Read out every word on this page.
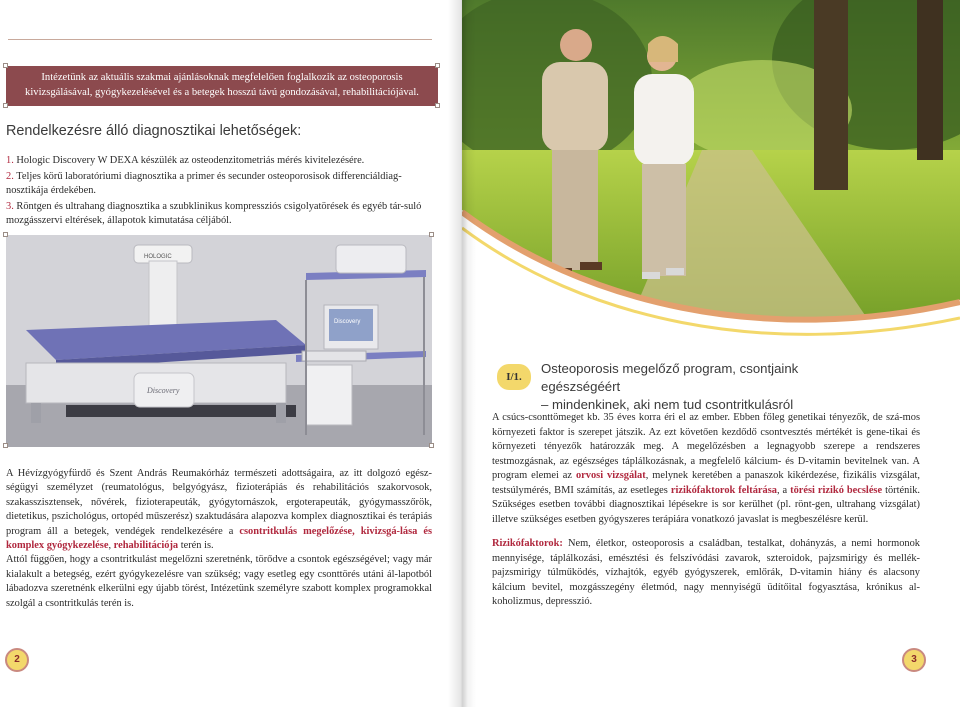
Intézetünk az aktuális szakmai ajánlásoknak megfelelően foglalkozik az osteoporosis
kivizsgálásával, gyógykezelésével és a betegek hosszú távú gondozásával, rehabilitációjával.
Rendelkezésre álló diagnosztikai lehetőségek:
1. Hologic Discovery W DEXA készülék az osteodenzitometriás mérés kivitelezésére.
2. Teljes körű laboratóriumi diagnosztika a primer és secunder osteoporosisok differenciáldiag-nosztikája érdekében.
3. Röntgen és ultrahang diagnosztika a szubklinikus kompressziós csigolyatörések és egyéb tár-suló mozgásszervi eltérések, állapotok kimutatása céljából.
HOLOGIC
Discovery
Discovery
A Hévízgyógyfürdő és Szent András Reumakórház természeti adottságaira, az itt dolgozó egész-ségügyi személyzet (reumatológus, belgyógyász, fizioterápiás és rehabilitációs szakorvosok, szakasszisztensek, nővérek, fizioterapeuták, gyógytornászok, ergoterapeuták, gyógymasszőrök, dietetikus, pszichológus, ortopéd műszerész) szaktudására alapozva komplex diagnosztikai és terápiás program áll a betegek, vendégek rendelkezésére a csontritkulás megelőzése, kivizsgá-lása és komplex gyógykezelése, rehabilitációja terén is.
Attól függően, hogy a csontritkulást megelőzni szeretnénk, törődve a csontok egészségével; vagy már kialakult a betegség, ezért gyógykezelésre van szükség; vagy esetleg egy csonttörés utáni ál-lapotból lábadozva szeretnénk elkerülni egy újabb törést, Intézetünk személyre szabott komplex programokkal szolgál a csontritkulás terén is.
2
I/1.
Osteoporosis megelőző program, csontjaink egészségéért
– mindenkinek, aki nem tud csontritkulásról

A csúcs-csonttömeget kb. 35 éves korra éri el az ember. Ebben főleg genetikai tényezők, de szá-mos környezeti faktor is szerepet játszik. Az ezt követően kezdődő csontvesztés mértékét is gene-tikai és környezeti tényezők határozzák meg. A megelőzésben a legnagyobb szerepe a rendszeres testmozgásnak, az egészséges táplálkozásnak, a megfelelő kálcium- és D-vitamin bevitelnek van. A program elemei az orvosi vizsgálat, melynek keretében a panaszok kikérdezése, fizikális vizsgálat, testsúlymérés, BMI számítás, az esetleges rizikófaktorok feltárása, a törési rizikó becslése történik. Szükséges esetben további diagnosztikai lépésekre is sor kerülhet (pl. rönt-gen, ultrahang vizsgálat) illetve szükséges esetben gyógyszeres terápiára vonatkozó javaslat is megbeszélésre kerül.

Rizikófaktorok: Nem, életkor, osteoporosis a családban, testalkat, dohányzás, a nemi hormonok mennyisége, táplálkozási, emésztési és felszívódási zavarok, szteroidok, pajzsmirigy és mellék-pajzsmirigy túlműködés, vízhajtók, egyéb gyógyszerek, emlőrák, D-vitamin hiány és alacsony kálcium bevitel, mozgásszegény életmód, nagy mennyiségű üdítőital fogyasztása, krónikus al-koholizmus, depresszió.

3
